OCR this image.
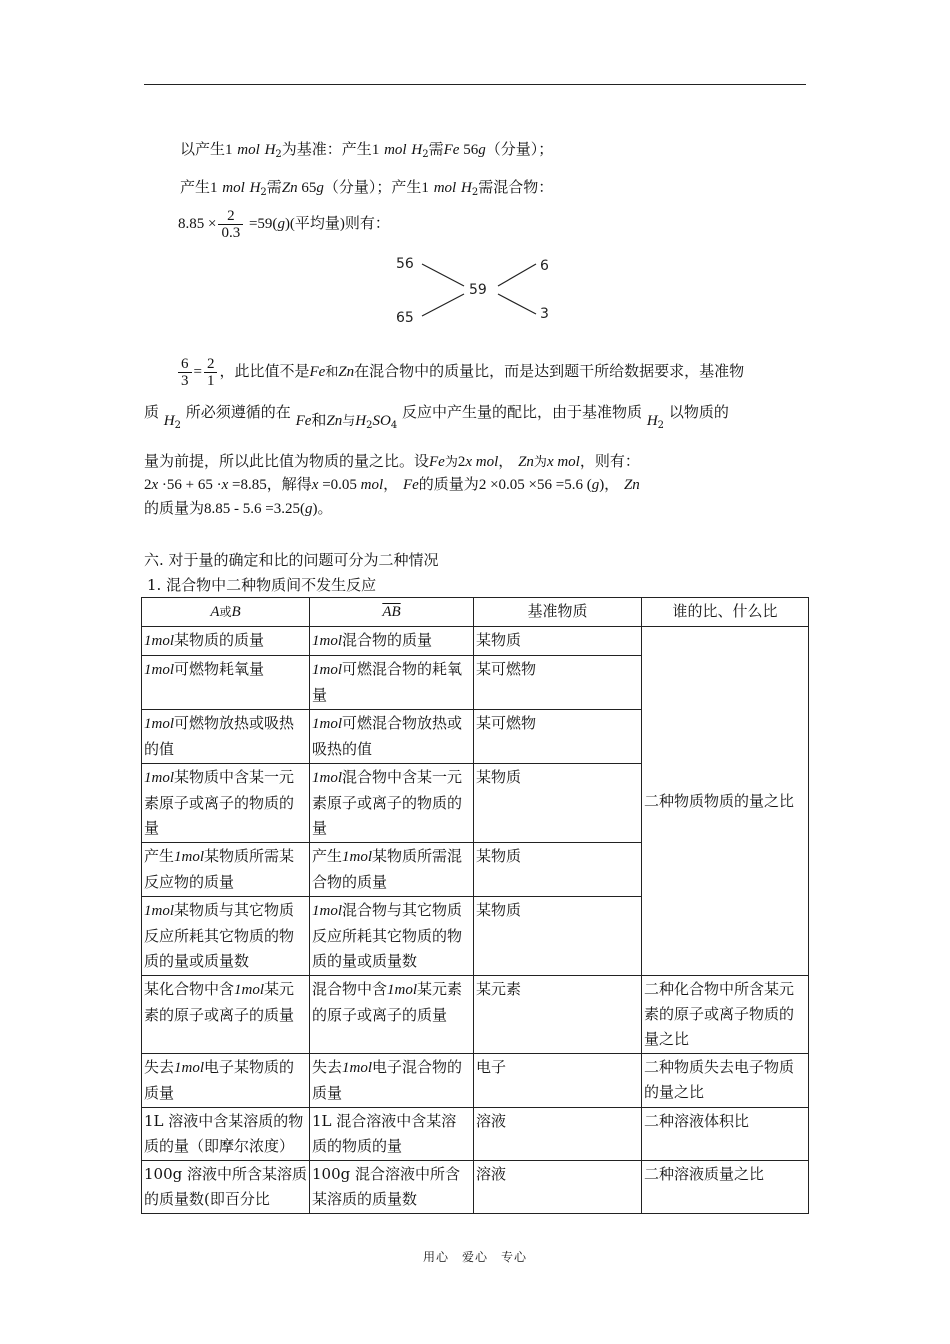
以产生1 mol $H_2$为基准：产生1 mol $H_2$需Fe 56g（分量）；
产生1 mol $H_2$需Zn 65g（分量）；产生1 mol $H_2$需混合物：
$8.85 \times \frac{2}{0.3} =59(g)$(平均量)则有：
56
65
59
6
3
$\frac{6}{3} = \frac{2}{1}$ ，此比值不是Fe和Zn在混合物中的质量比，而是达到题干所给数据要求，基准物
质 $H_2$ 所必须遵循的在 Fe和Zn与$H_2SO_4$ 反应中产生量的配比，由于基准物质 $H_2$ 以物质的
量为前提，所以此比值为物质的量之比。设Fe为2x mol， Zn为x mol，则有：
2x ·56 + 65 ·x =8.85，解得x =0.05 mol， Fe的质量为2 ×0.05 ×56 =5.6 (g)， Zn
的质量为8.85 - 5.6 =3.25(g)。
六. 对于量的确定和比的问题可分为二种情况
1. 混合物中二种物质间不发生反应
A或B	$\overline{AB}$	基准物质	谁的比、什么比
1mol某物质的质量	1mol混合物的质量	某物质	二种物质物质的量之比
1mol可燃物耗氧量	1mol可燃混合物的耗氧量	某可燃物	
1mol可燃物放热或吸热的值	1mol可燃混合物放热或吸热的值	某可燃物	
1mol某物质中含某一元素原子或离子的物质的量	1mol混合物中含某一元素原子或离子的物质的量	某物质	
产生1mol某物质所需某反应物的质量	产生1mol某物质所需混合物的质量	某物质	
1mol某物质与其它物质反应所耗其它物质的物质的量或质量数	1mol混合物与其它物质反应所耗其它物质的物质的量或质量数	某物质	
某化合物中含1mol某元素的原子或离子的质量	混合物中含1mol某元素的原子或离子的质量	某元素	二种化合物中所含某元素的原子或离子物质的量之比
失去1mol电子某物质的质量	失去1mol电子混合物的质量	电子	二种物质失去电子物质的量之比
1L 溶液中含某溶质的物质的量（即摩尔浓度）	1L 混合溶液中含某溶质的物质的量	溶液	二种溶液体积比
100g 溶液中所含某溶质的质量数(即百分比	100g 混合溶液中所含某溶质的质量数	溶液	二种溶液质量之比
用心　爱心　专心
